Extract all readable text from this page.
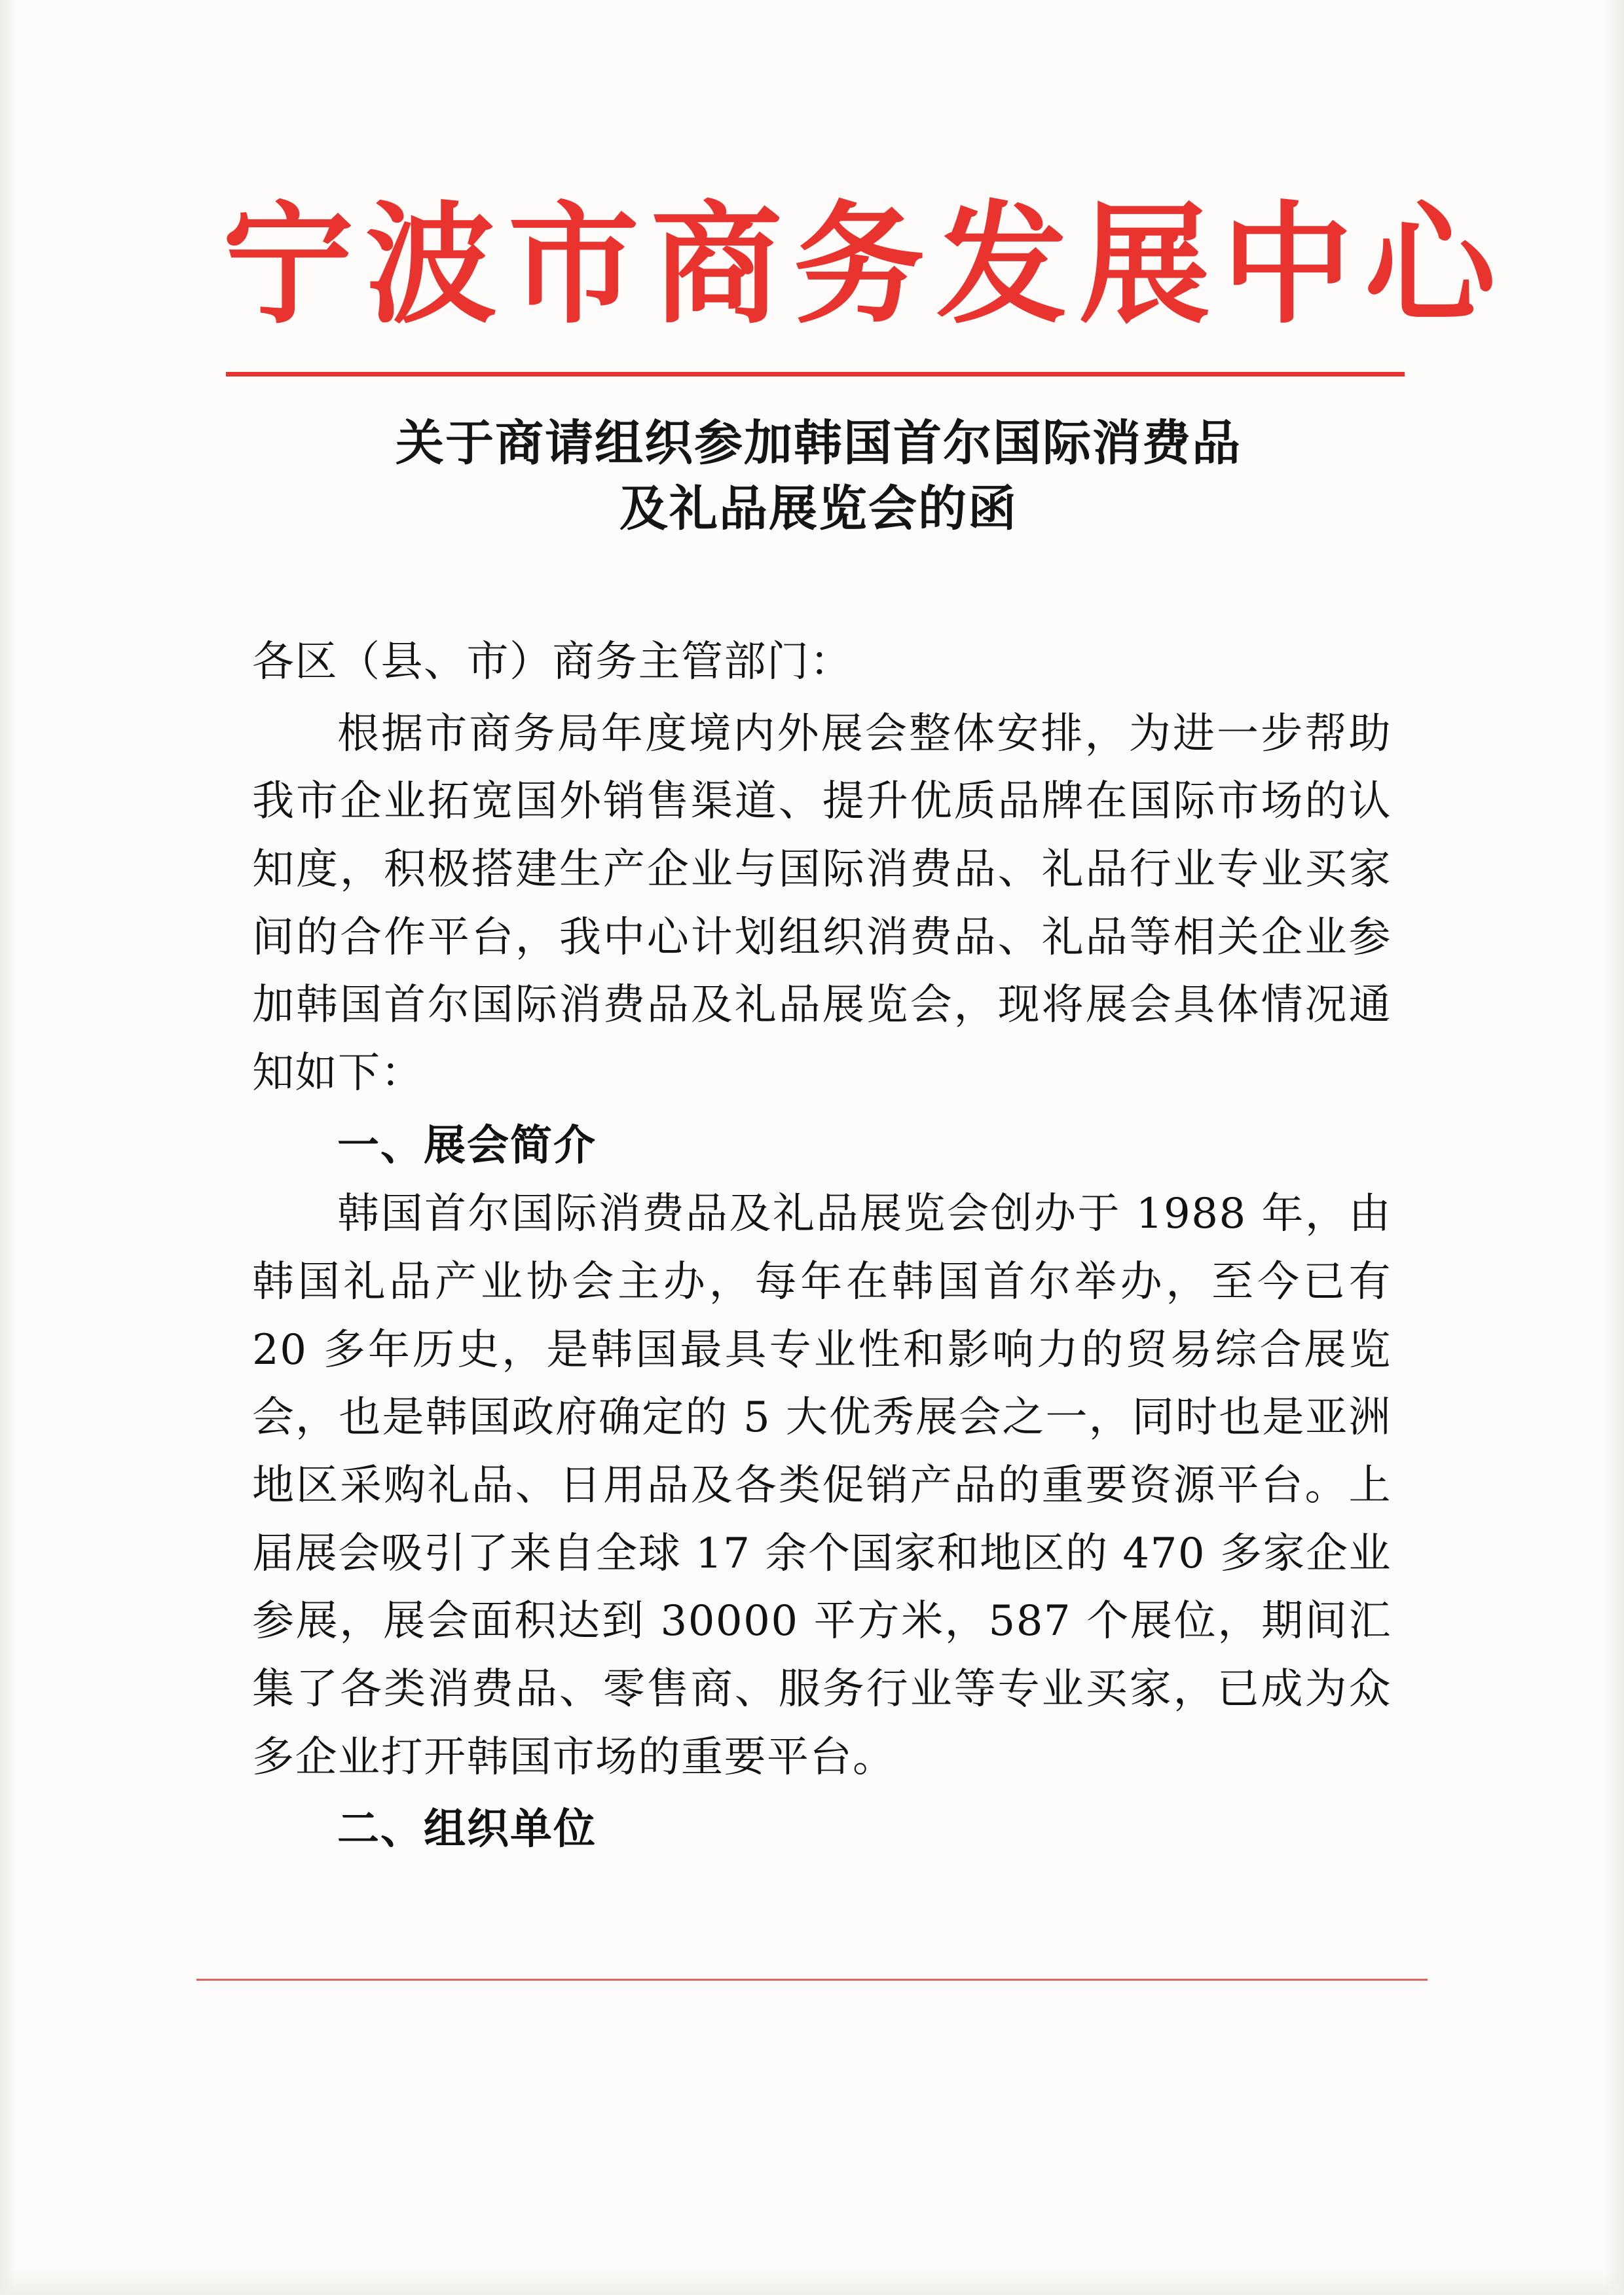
宁波市商务发展中心
关于商请组织参加韩国首尔国际消费品
及礼品展览会的函

各区（县、市）商务主管部门：

根据市商务局年度境内外展会整体安排，为进一步帮助我市企业拓宽国外销售渠道、提升优质品牌在国际市场的认知度，积极搭建生产企业与国际消费品、礼品行业专业买家间的合作平台，我中心计划组织消费品、礼品等相关企业参加韩国首尔国际消费品及礼品展览会，现将展会具体情况通知如下：

一、展会简介

韩国首尔国际消费品及礼品展览会创办于 1988 年，由韩国礼品产业协会主办，每年在韩国首尔举办，至今已有 20 多年历史，是韩国最具专业性和影响力的贸易综合展览会，也是韩国政府确定的 5 大优秀展会之一，同时也是亚洲地区采购礼品、日用品及各类促销产品的重要资源平台。上届展会吸引了来自全球 17 余个国家和地区的 470 多家企业参展，展会面积达到 30000 平方米，587 个展位，期间汇集了各类消费品、零售商、服务行业等专业买家，已成为众多企业打开韩国市场的重要平台。

二、组织单位
